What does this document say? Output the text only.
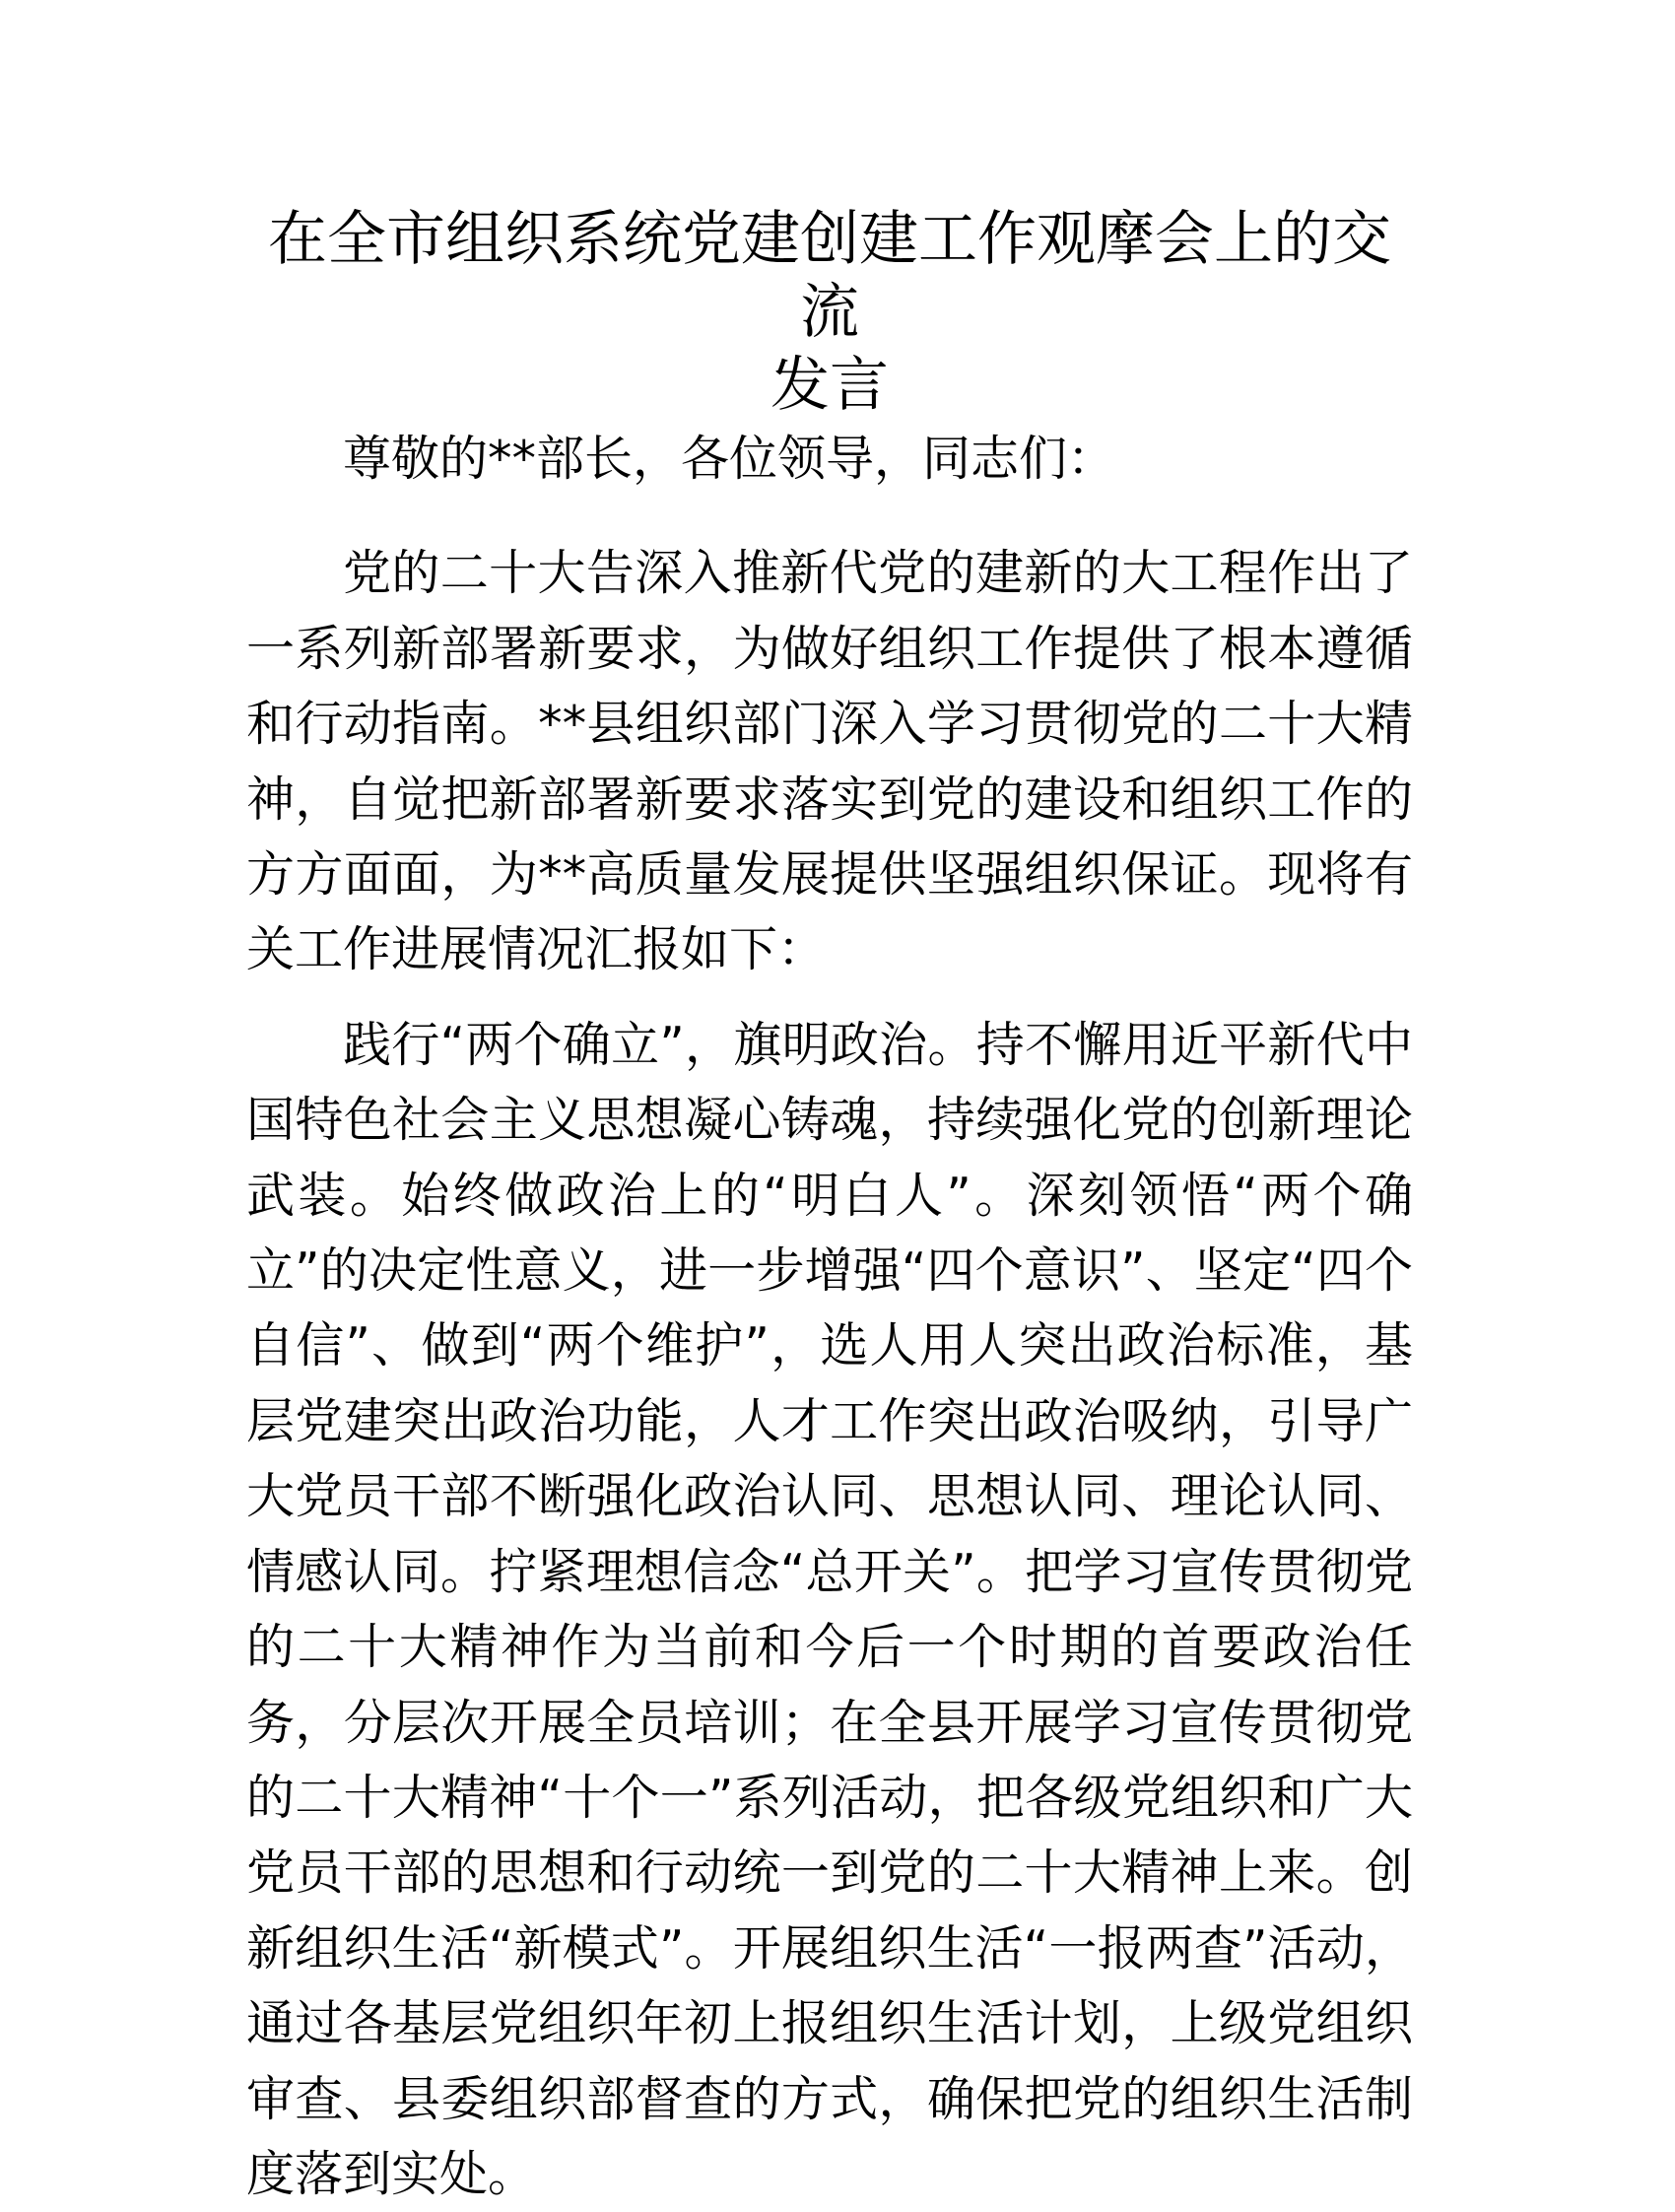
在全市组织系统党建创建工作观摩会上的交流
发言

尊敬的**部长，各位领导，同志们：

党的二十大告深入推新代党的建新的大工程作出了一系列新部署新要求，为做好组织工作提供了根本遵循和行动指南。**县组织部门深入学习贯彻党的二十大精神，自觉把新部署新要求落实到党的建设和组织工作的方方面面，为**高质量发展提供坚强组织保证。现将有关工作进展情况汇报如下：

践行“两个确立”，旗明政治。持不懈用近平新代中国特色社会主义思想凝心铸魂，持续强化党的创新理论武装。始终做政治上的“明白人”。深刻领悟“两个确立”的决定性意义，进一步增强“四个意识”、坚定“四个自信”、做到“两个维护”，选人用人突出政治标准，基层党建突出政治功能，人才工作突出政治吸纳，引导广大党员干部不断强化政治认同、思想认同、理论认同、情感认同。拧紧理想信念“总开关”。把学习宣传贯彻党的二十大精神作为当前和今后一个时期的首要政治任务，分层次开展全员培训；在全县开展学习宣传贯彻党的二十大精神“十个一”系列活动，把各级党组织和广大党员干部的思想和行动统一到党的二十大精神上来。创新组织生活“新模式”。开展组织生活“一报两查”活动，通过各基层党组织年初上报组织生活计划，上级党组织审查、县委组织部督查的方式，确保把党的组织生活制度落到实处。
